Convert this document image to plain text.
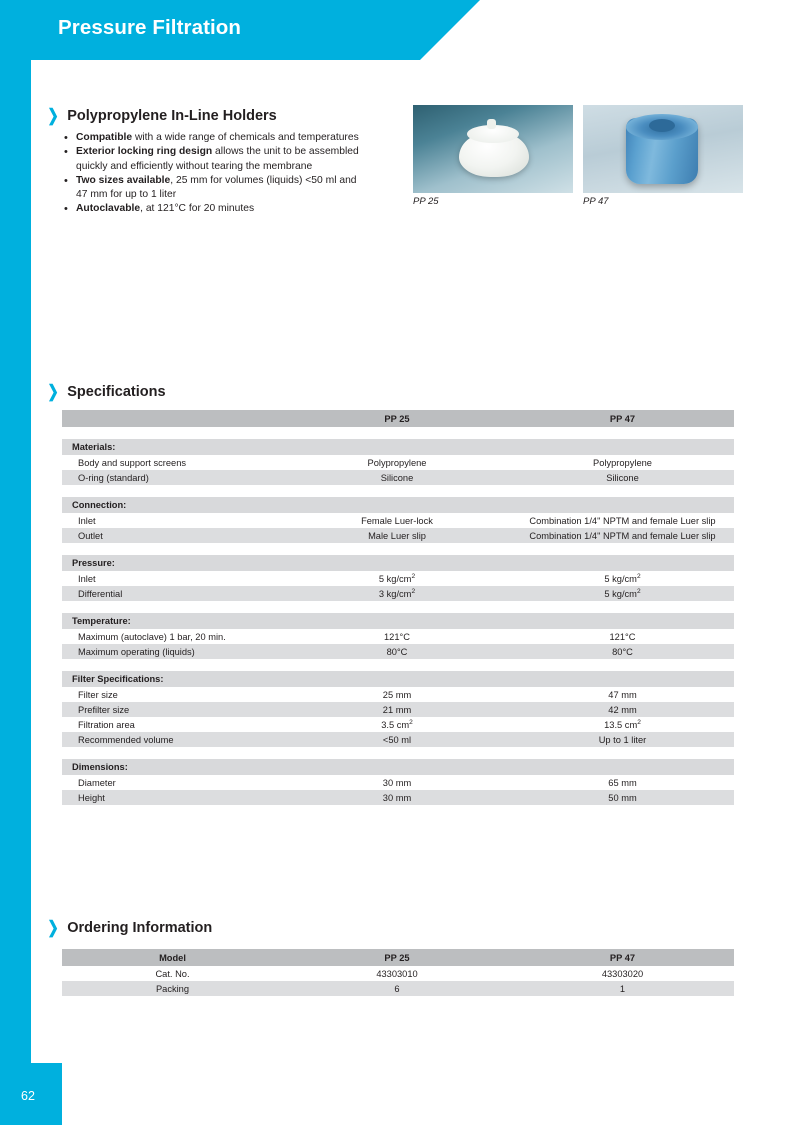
Pressure Filtration
62
❯ Polypropylene In-Line Holders
• Compatible with a wide range of chemicals and temperatures
• Exterior locking ring design allows the unit to be assembled quickly and efficiently without tearing the membrane
• Two sizes available, 25 mm for volumes (liquids) <50 ml and 47 mm for up to 1 liter
• Autoclavable, at 121°C for 20 minutes
PP 25	PP 47
❯ Specifications
	PP 25	PP 47

Materials:		
Body and support screens	Polypropylene	Polypropylene
O-ring (standard)	Silicone	Silicone

Connection:		
Inlet	Female Luer-lock	Combination 1/4" NPTM and female Luer slip
Outlet	Male Luer slip	Combination 1/4" NPTM and female Luer slip

Pressure:		
Inlet	5 $kg/cm^2$	5 $kg/cm^2$
Differential	3 $kg/cm^2$	5 $kg/cm^2$

Temperature:		
Maximum (autoclave) 1 bar, 20 min.	121°C	121°C
Maximum operating (liquids)	80°C	80°C

Filter Specifications:		
Filter size	25 mm	47 mm
Prefilter size	21 mm	42 mm
Filtration area	3.5 $cm^2$	13.5 $cm^2$
Recommended volume	<50 ml	Up to 1 liter

Dimensions:		
Diameter	30 mm	65 mm
Height	30 mm	50 mm
❯ Ordering Information
Model	PP 25	PP 47
Cat. No.	43303010	43303020
Packing	6	1
